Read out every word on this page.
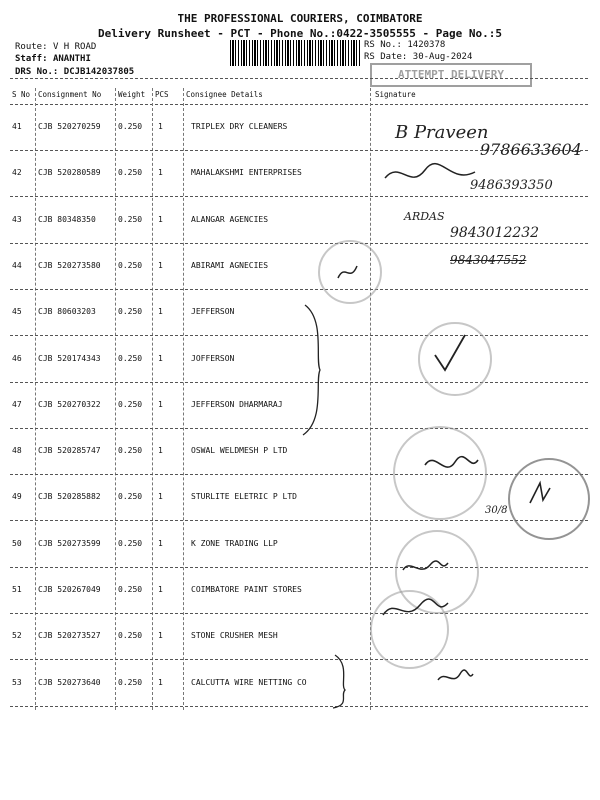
THE PROFESSIONAL COURIERS, COIMBATORE
Delivery Runsheet - PCT - Phone No.:0422-3505555 - Page No.:5
Route: V H ROAD
Staff: ANANTHI
DRS No.: DCJB142037805
RS No.: 1420378
RS Date: 30-Aug-2024
ATTEMPT DELIVERY
S No Consignment No Weight PCS Consignee Details	Signature
41 CJB 520270259 0.250 1	TRIPLEX DRY CLEANERS
42 CJB 520280589 0.250 1	MAHALAKSHMI ENTERPRISES
43 CJB 80348350	0.250 1	ALANGAR AGENCIES
44 CJB 520273580 0.250 1	ABIRAMI AGNECIES
45 CJB 80603203	0.250 1	JEFFERSON
46 CJB 520174343 0.250 1	JOFFERSON
47 CJB 520270322 0.250 1	JEFFERSON DHARMARAJ
48 CJB 520285747 0.250 1	OSWAL WELDMESH P LTD
49 CJB 520285882 0.250 1	STURLITE ELETRIC P LTD
50 CJB 520273599 0.250 1	K ZONE TRADING LLP
51 CJB 520267049 0.250 1	COIMBATORE PAINT STORES
52 CJB 520273527 0.250 1	STONE CRUSHER MESH
53 CJB 520273640 0.250 1	CALCUTTA WIRE NETTING CO
B Praveen
9786633604
9486393350
ARDAS
9843012232
9843047552
30/8
